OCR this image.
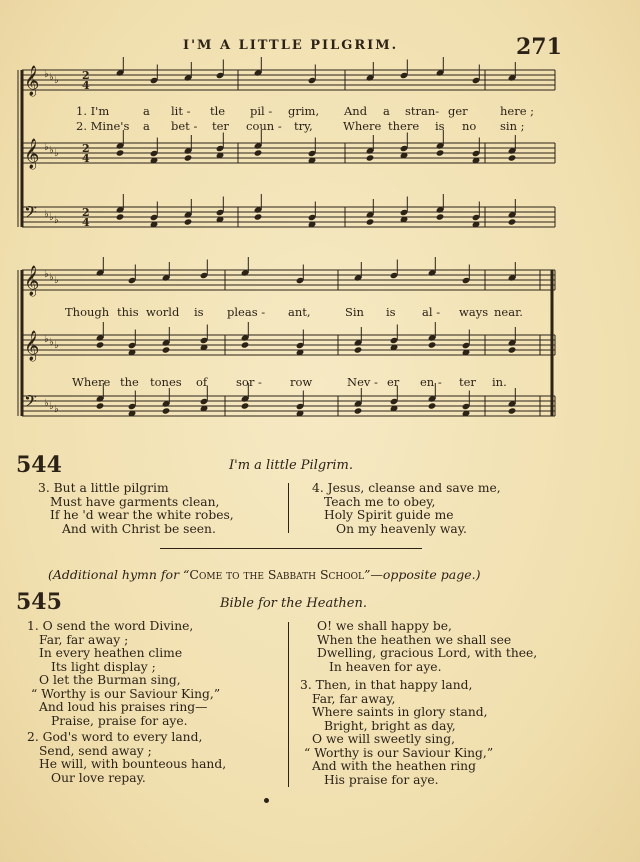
I'M A LITTLE PILGRIM.	271
𝄞 ♭ ♭ ♭
𝄞 ♭ ♭ ♭
𝄢 ♭ ♭ ♭
2
4
2
4
2
4
𝄞 ♭ ♭ ♭
𝄞 ♭ ♭ ♭
𝄢 ♭ ♭ ♭
1. I'm	a lit - tle pil - grim, And a stran- ger	here ;
2. Mine's a bet - ter coun - try,	Where there is no sin ;
Though this world is pleas - ant,	Sin is al - ways near.
Where the tones of	sor - row	Nev - er en - ter in.
544	I'm a little Pilgrim.
3. But a little pilgrim
Must have garments clean,
If he 'd wear the white robes,
And with Christ be seen.
4. Jesus, cleanse and save me,
Teach me to obey,
Holy Spirit guide me
On my heavenly way.
(Additional hymn for “Come to the Sabbath School”—opposite page.)
545	Bible for the Heathen.
1. O send the word Divine,
Far, far away ;
In every heathen clime
Its light display ;
O let the Burman sing,
“ Worthy is our Saviour King,”
And loud his praises ring—
Praise, praise for aye.
2. God's word to every land,
Send, send away ;
He will, with bounteous hand,
Our love repay.
O! we shall happy be,
When the heathen we shall see
Dwelling, gracious Lord, with thee,
In heaven for aye.
3. Then, in that happy land,
Far, far away,
Where saints in glory stand,
Bright, bright as day,
O we will sweetly sing,
“ Worthy is our Saviour King,”
And with the heathen ring
His praise for aye.
